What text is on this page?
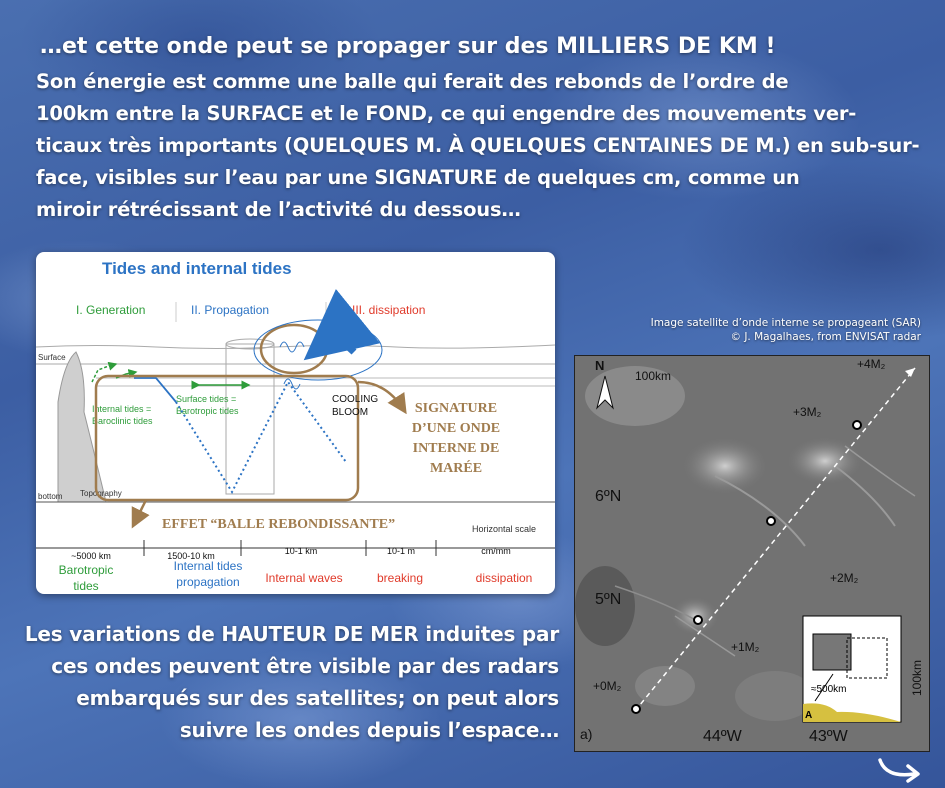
…et cette onde peut se propager sur des MILLIERS DE KM !
Son énergie est comme une balle qui ferait des rebonds de l’ordre de
100km entre la SURFACE et le FOND, ce qui engendre des mouvements ver-
ticaux très importants (QUELQUES M. À QUELQUES CENTAINES DE M.) en sub-sur-
face, visibles sur l’eau par une SIGNATURE de quelques cm, comme un
miroir rétrécissant de l’activité du dessous…
Tides and internal tides
I. Generation	II. Propagation	III. dissipation
Surface
bottom Topography
Internal tides =
Baroclinic tides
Surface tides =
Barotropic tides
COOLING
BLOOM	SIGNATURE
D’UNE ONDE
INTERNE DE
MARÉE
EFFET “BALLE REBONDISSANTE”	Horizontal scale
~5000 km	1500-10 km	10-1 km	10-1 m	cm/mm
Barotropic
tides
Internal tides
propagation Internal waves	breaking	dissipation
Image satellite d’onde interne se propageant (SAR)
© J. Magalhaes, from ENVISAT radar
+0M₂
+1M₂
+2M₂
+3M₂
+4M₂
N
100km
6ºN
5ºN
44ºW	43ºW
a)
≈500km
A
100km
Les variations de HAUTEUR DE MER induites par
ces ondes peuvent être visible par des radars
embarqués sur des satellites; on peut alors
suivre les ondes depuis l’espace…
